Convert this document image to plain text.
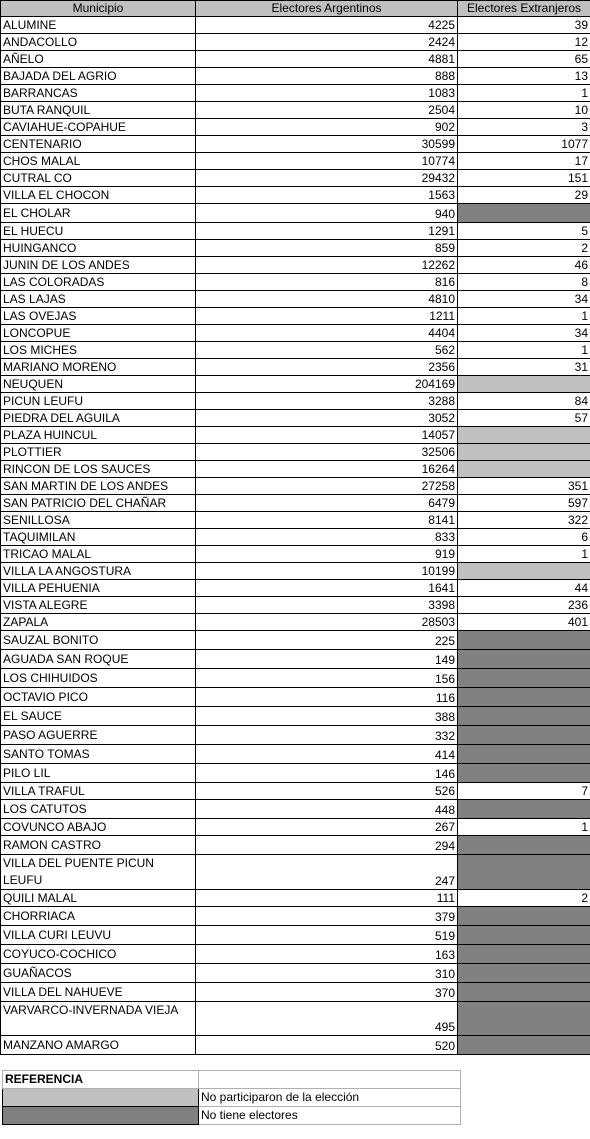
Municipio	Electores Argentinos	Electores Extranjeros
ALUMINE	4225	39
ANDACOLLO	2424	12
AÑELO	4881	65
BAJADA DEL AGRIO	888	13
BARRANCAS	1083	1
BUTA RANQUIL	2504	10
CAVIAHUE-COPAHUE	902	3
CENTENARIO	30599	1077
CHOS MALAL	10774	17
CUTRAL CO	29432	151
VILLA EL CHOCON	1563	29
EL CHOLAR	940	
EL HUECU	1291	5
HUINGANCO	859	2
JUNIN DE LOS ANDES	12262	46
LAS COLORADAS	816	8
LAS LAJAS	4810	34
LAS OVEJAS	1211	1
LONCOPUE	4404	34
LOS MICHES	562	1
MARIANO MORENO	2356	31
NEUQUEN	204169	
PICUN LEUFU	3288	84
PIEDRA DEL AGUILA	3052	57
PLAZA HUINCUL	14057	
PLOTTIER	32506	
RINCON DE LOS SAUCES	16264	
SAN MARTIN DE LOS ANDES	27258	351
SAN PATRICIO DEL CHAÑAR	6479	597
SENILLOSA	8141	322
TAQUIMILAN	833	6
TRICAO MALAL	919	1
VILLA LA ANGOSTURA	10199	
VILLA PEHUENIA	1641	44
VISTA ALEGRE	3398	236
ZAPALA	28503	401
SAUZAL BONITO	225	
AGUADA SAN ROQUE	149	
LOS CHIHUIDOS	156	
OCTAVIO PICO	116	
EL SAUCE	388	
PASO AGUERRE	332	
SANTO TOMAS	414	
PILO LIL	146	
VILLA TRAFUL	526	7
LOS CATUTOS	448	
COVUNCO ABAJO	267	1
RAMON CASTRO	294	
VILLA DEL PUENTE PICUN LEUFU	247	
QUILI MALAL	111	2
CHORRIACA	379	
VILLA CURI LEUVU	519	
COYUCO-COCHICO	163	
GUAÑACOS	310	
VILLA DEL NAHUEVE	370	
VARVARCO-INVERNADA VIEJA	495	
MANZANO AMARGO	520	
REFERENCIA	
	No participaron de la elección
	No tiene electores
